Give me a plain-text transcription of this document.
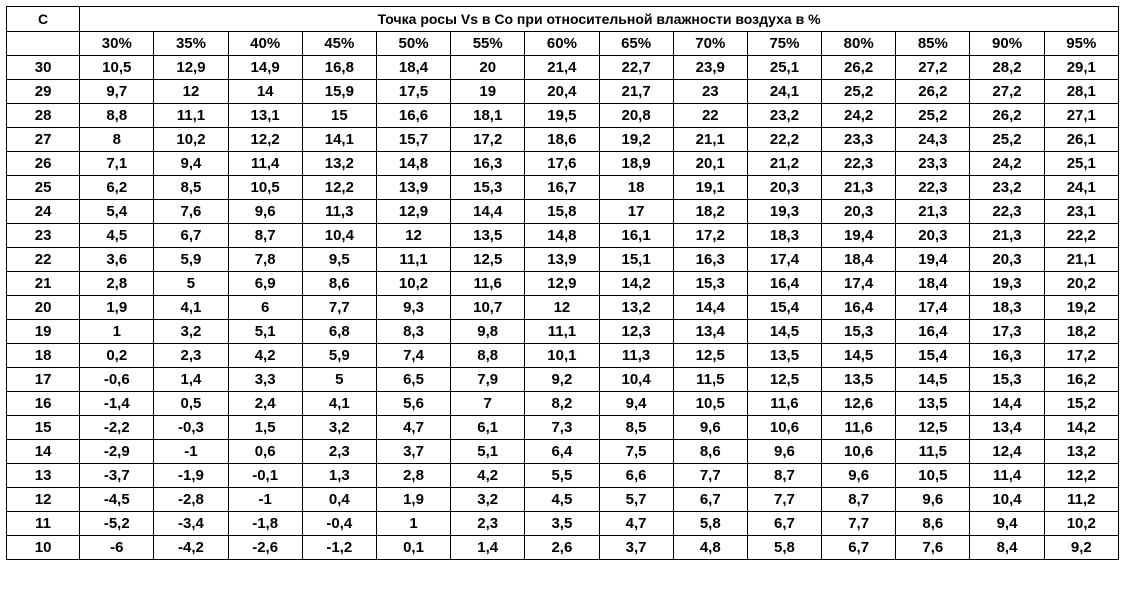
C	Точка росы Vs в Co при относительной влажности воздуха в %													
	30%	35%	40%	45%	50%	55%	60%	65%	70%	75%	80%	85%	90%	95%
30	10,5	12,9	14,9	16,8	18,4	20	21,4	22,7	23,9	25,1	26,2	27,2	28,2	29,1
29	9,7	12	14	15,9	17,5	19	20,4	21,7	23	24,1	25,2	26,2	27,2	28,1
28	8,8	11,1	13,1	15	16,6	18,1	19,5	20,8	22	23,2	24,2	25,2	26,2	27,1
27	8	10,2	12,2	14,1	15,7	17,2	18,6	19,2	21,1	22,2	23,3	24,3	25,2	26,1
26	7,1	9,4	11,4	13,2	14,8	16,3	17,6	18,9	20,1	21,2	22,3	23,3	24,2	25,1
25	6,2	8,5	10,5	12,2	13,9	15,3	16,7	18	19,1	20,3	21,3	22,3	23,2	24,1
24	5,4	7,6	9,6	11,3	12,9	14,4	15,8	17	18,2	19,3	20,3	21,3	22,3	23,1
23	4,5	6,7	8,7	10,4	12	13,5	14,8	16,1	17,2	18,3	19,4	20,3	21,3	22,2
22	3,6	5,9	7,8	9,5	11,1	12,5	13,9	15,1	16,3	17,4	18,4	19,4	20,3	21,1
21	2,8	5	6,9	8,6	10,2	11,6	12,9	14,2	15,3	16,4	17,4	18,4	19,3	20,2
20	1,9	4,1	6	7,7	9,3	10,7	12	13,2	14,4	15,4	16,4	17,4	18,3	19,2
19	1	3,2	5,1	6,8	8,3	9,8	11,1	12,3	13,4	14,5	15,3	16,4	17,3	18,2
18	0,2	2,3	4,2	5,9	7,4	8,8	10,1	11,3	12,5	13,5	14,5	15,4	16,3	17,2
17	-0,6	1,4	3,3	5	6,5	7,9	9,2	10,4	11,5	12,5	13,5	14,5	15,3	16,2
16	-1,4	0,5	2,4	4,1	5,6	7	8,2	9,4	10,5	11,6	12,6	13,5	14,4	15,2
15	-2,2	-0,3	1,5	3,2	4,7	6,1	7,3	8,5	9,6	10,6	11,6	12,5	13,4	14,2
14	-2,9	-1	0,6	2,3	3,7	5,1	6,4	7,5	8,6	9,6	10,6	11,5	12,4	13,2
13	-3,7	-1,9	-0,1	1,3	2,8	4,2	5,5	6,6	7,7	8,7	9,6	10,5	11,4	12,2
12	-4,5	-2,8	-1	0,4	1,9	3,2	4,5	5,7	6,7	7,7	8,7	9,6	10,4	11,2
11	-5,2	-3,4	-1,8	-0,4	1	2,3	3,5	4,7	5,8	6,7	7,7	8,6	9,4	10,2
10	-6	-4,2	-2,6	-1,2	0,1	1,4	2,6	3,7	4,8	5,8	6,7	7,6	8,4	9,2
